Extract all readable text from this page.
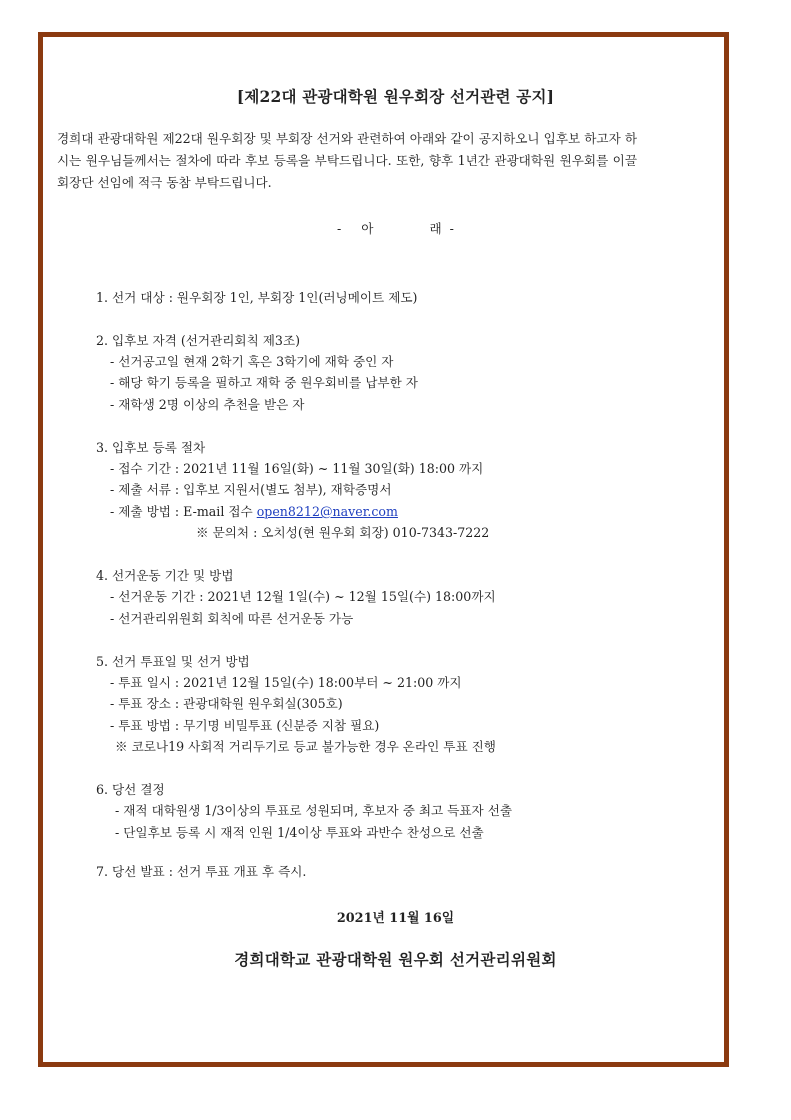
[제22대 관광대학원 원우회장 선거관련 공지]
경희대 관광대학원 제22대 원우회장 및 부회장 선거와 관련하여 아래와 같이 공지하오니 입후보 하고자 하시는 원우님들께서는 절차에 따라 후보 등록을 부탁드립니다. 또한, 향후 1년간 관광대학원 원우회를 이끌 회장단 선임에 적극 동참 부탁드립니다.
-     아              래  -
1. 선거 대상 : 원우회장 1인, 부회장 1인(러닝메이트 제도)
2. 입후보 자격 (선거관리회칙 제3조)
- 선거공고일 현재 2학기 혹은 3학기에 재학 중인 자
- 해당 학기 등록을 필하고 재학 중 원우회비를 납부한 자
- 재학생 2명 이상의 추천을 받은 자
3. 입후보 등록 절차
- 접수 기간 : 2021년 11월 16일(화) ~ 11월 30일(화) 18:00 까지
- 제출 서류 : 입후보 지원서(별도 첨부), 재학증명서
- 제출 방법 : E-mail 접수 open8212@naver.com
※ 문의처 : 오치성(현 원우회 회장) 010-7343-7222
4. 선거운동 기간 및 방법
- 선거운동 기간 : 2021년 12월 1일(수) ~ 12월 15일(수) 18:00까지
- 선거관리위원회 회칙에 따른 선거운동 가능
5. 선거 투표일 및 선거 방법
- 투표 일시 : 2021년 12월 15일(수) 18:00부터 ~ 21:00 까지
- 투표 장소 : 관광대학원 원우회실(305호)
- 투표 방법 : 무기명 비밀투표 (신분증 지참 필요)
※ 코로나19 사회적 거리두기로 등교 불가능한 경우 온라인 투표 진행
6. 당선 결정
- 재적 대학원생 1/3이상의 투표로 성원되며, 후보자 중 최고 득표자 선출
- 단일후보 등록 시 재적 인원 1/4이상 투표와 과반수 찬성으로 선출
7. 당선 발표 : 선거 투표 개표 후 즉시.
2021년 11월 16일
경희대학교 관광대학원 원우회 선거관리위원회
